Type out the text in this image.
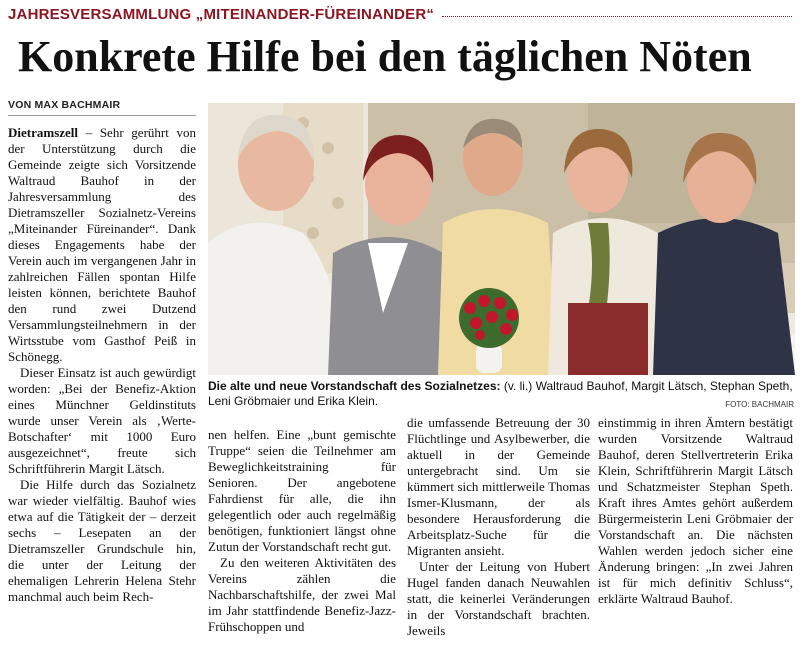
JAHRESVERSAMMLUNG „MITEINANDER-FÜREINANDER“
Konkrete Hilfe bei den täglichen Nöten
VON MAX BACHMAIR

Dietramszell – Sehr gerührt von der Unterstützung durch die Gemeinde zeigte sich Vorsitzende Waltraud Bauhof in der Jahresversammlung des Dietramszeller Sozialnetz-Vereins „Miteinander Füreinander“. Dank dieses Engagements habe der Verein auch im vergangenen Jahr in zahlreichen Fällen spontan Hilfe leisten können, berichtete Bauhof den rund zwei Dutzend Versammlungsteilnehmern in der Wirtsstube vom Gasthof Peiß in Schönegg.

Dieser Einsatz ist auch gewürdigt worden: „Bei der Benefiz-Aktion eines Münchner Geldinstituts wurde unser Verein als ‚Werte-Botschafter‘ mit 1000 Euro ausgezeichnet“, freute sich Schriftführerin Margit Lätsch.

Die Hilfe durch das Sozialnetz war wieder vielfältig. Bauhof wies etwa auf die Tätigkeit der – derzeit sechs – Lesepaten an der Dietramszeller Grundschule hin, die unter der Leitung der ehemaligen Lehrerin Helena Stehr manchmal auch beim Rech-

Die alte und neue Vorstandschaft des Sozialnetzes: (v. li.) Waltraud Bauhof, Margit Lätsch, Stephan Speth, Leni Gröbmaier und Erika Klein.	FOTO: BACHMAIR

nen helfen. Eine „bunt gemischte Truppe“ seien die Teilnehmer am Beweglichkeitstraining für Senioren. Der angebotene Fahrdienst für alle, die ihn gelegentlich oder auch regelmäßig benötigen, funktioniert längst ohne Zutun der Vorstandschaft recht gut.

Zu den weiteren Aktivitäten des Vereins zählen die Nachbarschaftshilfe, der zwei Mal im Jahr stattfindende Benefiz-Jazz-Frühschoppen und

die umfassende Betreuung der 30 Flüchtlinge und Asylbewerber, die aktuell in der Gemeinde untergebracht sind. Um sie kümmert sich mittlerweile Thomas Ismer-Klusmann, der als besondere Herausforderung die Arbeitsplatz-Suche für die Migranten ansieht.

Unter der Leitung von Hubert Hugel fanden danach Neuwahlen statt, die keinerlei Veränderungen in der Vorstandschaft brachten. Jeweils

einstimmig in ihren Ämtern bestätigt wurden Vorsitzende Waltraud Bauhof, deren Stellvertreterin Erika Klein, Schriftführerin Margit Lätsch und Schatzmeister Stephan Speth. Kraft ihres Amtes gehört außerdem Bürgermeisterin Leni Gröbmaier der Vorstandschaft an. Die nächsten Wahlen werden jedoch sicher eine Änderung bringen: „In zwei Jahren ist für mich definitiv Schluss“, erklärte Waltraud Bauhof.
